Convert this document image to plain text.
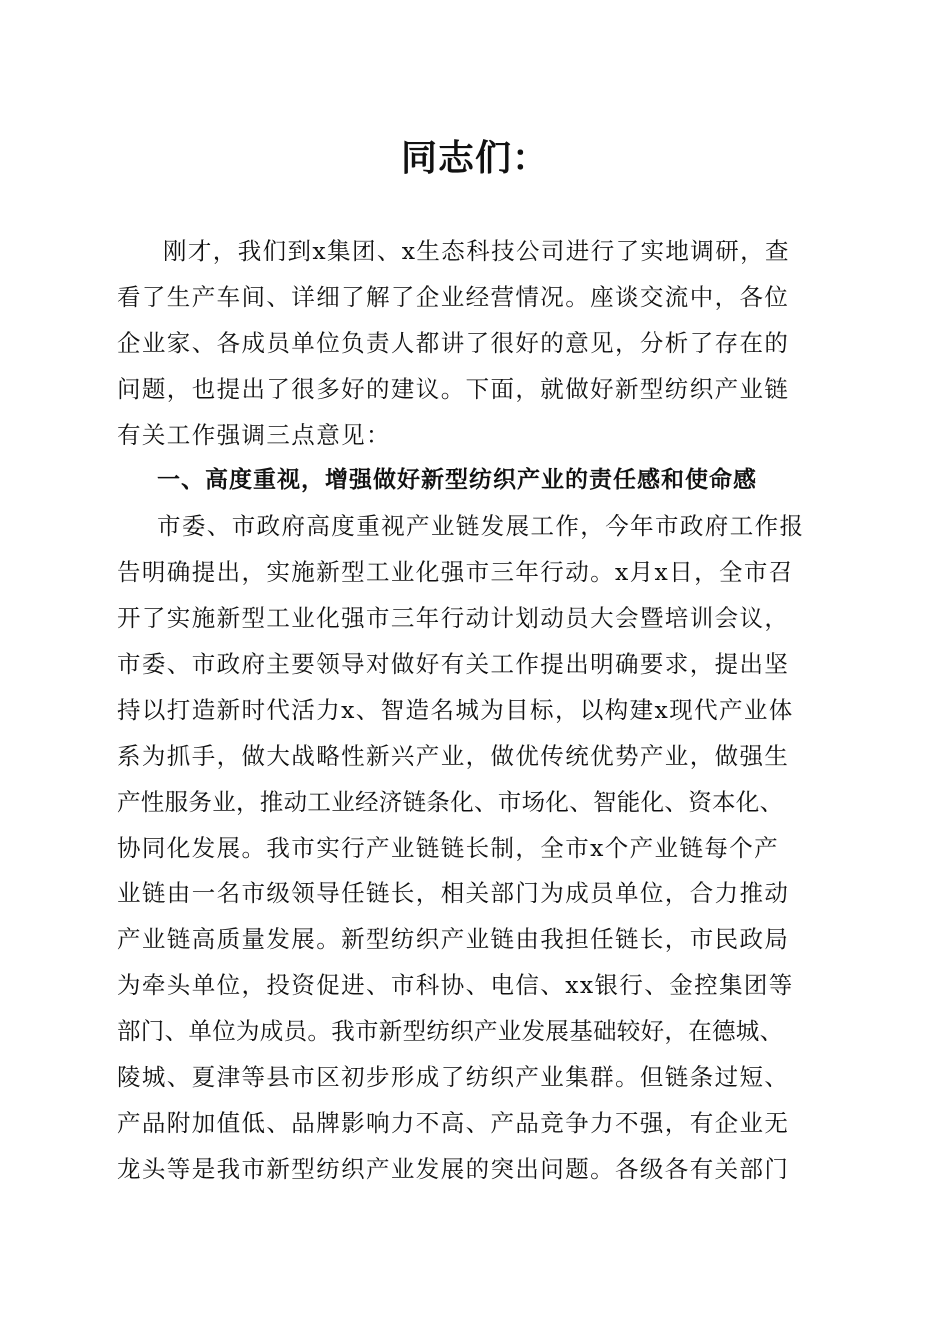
同志们：

刚才，我们到x集团、x生态科技公司进行了实地调研，查

看了生产车间、详细了解了企业经营情况。座谈交流中，各位

企业家、各成员单位负责人都讲了很好的意见，分析了存在的

问题，也提出了很多好的建议。下面，就做好新型纺织产业链

有关工作强调三点意见：

一、高度重视，增强做好新型纺织产业的责任感和使命感

市委、市政府高度重视产业链发展工作，今年市政府工作报

告明确提出，实施新型工业化强市三年行动。x月x日，全市召

开了实施新型工业化强市三年行动计划动员大会暨培训会议，

市委、市政府主要领导对做好有关工作提出明确要求，提出坚

持以打造新时代活力x、智造名城为目标，以构建x现代产业体

系为抓手，做大战略性新兴产业，做优传统优势产业，做强生

产性服务业，推动工业经济链条化、市场化、智能化、资本化、

协同化发展。我市实行产业链链长制，全市x个产业链每个产

业链由一名市级领导任链长，相关部门为成员单位，合力推动

产业链高质量发展。新型纺织产业链由我担任链长，市民政局

为牵头单位，投资促进、市科协、电信、xx银行、金控集团等

部门、单位为成员。我市新型纺织产业发展基础较好，在德城、

陵城、夏津等县市区初步形成了纺织产业集群。但链条过短、

产品附加值低、品牌影响力不高、产品竞争力不强，有企业无

龙头等是我市新型纺织产业发展的突出问题。各级各有关部门
